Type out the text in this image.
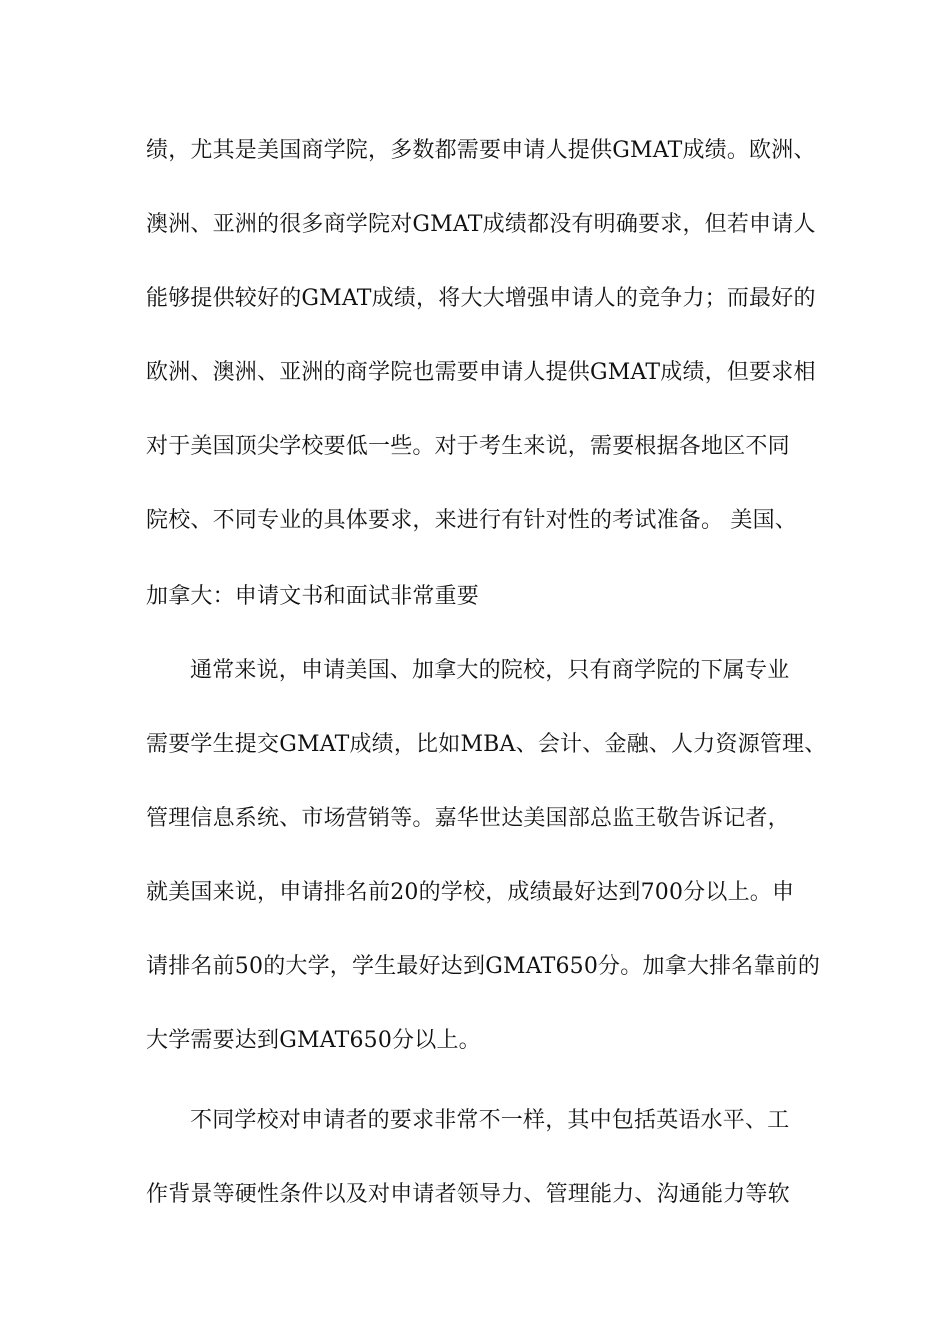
绩，尤其是美国商学院，多数都需要申请人提供GMAT成绩。欧洲、
澳洲、亚洲的很多商学院对GMAT成绩都没有明确要求，但若申请人
能够提供较好的GMAT成绩，将大大增强申请人的竞争力；而最好的
欧洲、澳洲、亚洲的商学院也需要申请人提供GMAT成绩，但要求相
对于美国顶尖学校要低一些。对于考生来说，需要根据各地区不同
院校、不同专业的具体要求，来进行有针对性的考试准备。 美国、
加拿大：申请文书和面试非常重要
通常来说，申请美国、加拿大的院校，只有商学院的下属专业
需要学生提交GMAT成绩，比如MBA、会计、金融、人力资源管理、
管理信息系统、市场营销等。嘉华世达美国部总监王敬告诉记者，
就美国来说，申请排名前20的学校，成绩最好达到700分以上。申
请排名前50的大学，学生最好达到GMAT650分。加拿大排名靠前的
大学需要达到GMAT650分以上。
不同学校对申请者的要求非常不一样，其中包括英语水平、工
作背景等硬性条件以及对申请者领导力、管理能力、沟通能力等软
